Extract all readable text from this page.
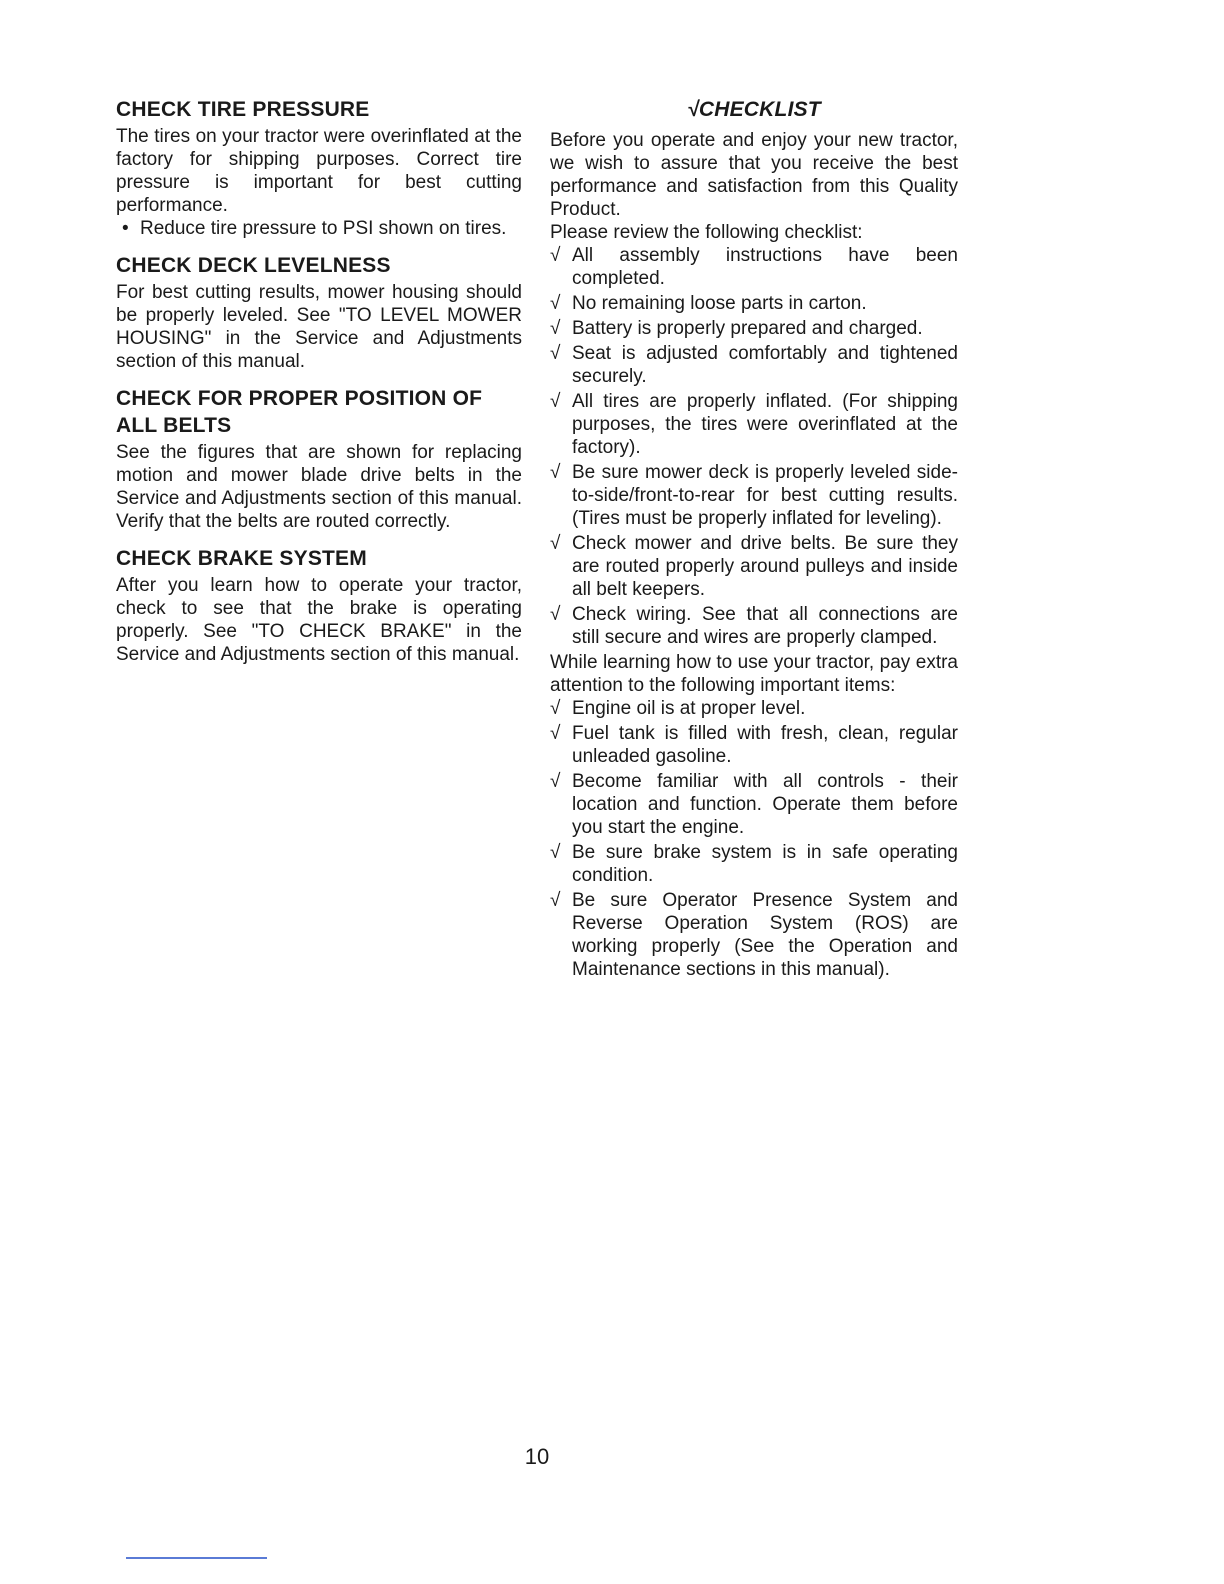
CHECK TIRE PRESSURE

The tires on your tractor were overinflated at the factory for shipping purposes. Correct tire pressure is important for best cutting performance.

• Reduce tire pressure to PSI shown on tires.
CHECK DECK LEVELNESS

For best cutting results, mower housing should be properly leveled. See "TO LEVEL MOWER HOUSING" in the Service and Adjustments section of this manual.

CHECK FOR PROPER POSITION OF ALL BELTS

See the figures that are shown for replacing motion and mower blade drive belts in the Service and Adjustments section of this manual. Verify that the belts are routed correctly.

CHECK BRAKE SYSTEM

After you learn how to operate your tractor, check to see that the brake is operating properly. See "TO CHECK BRAKE" in the Service and Adjustments section of this manual.

√CHECKLIST

Before you operate and enjoy your new tractor, we wish to assure that you receive the best performance and satisfaction from this Quality Product.

Please review the following checklist:

√ All assembly instructions have been completed.
√ No remaining loose parts in carton.
√ Battery is properly prepared and charged.
√ Seat is adjusted comfortably and tightened securely.
√ All tires are properly inflated. (For shipping purposes, the tires were overinflated at the factory).
√ Be sure mower deck is properly leveled side-to-side/front-to-rear for best cutting results. (Tires must be properly inflated for leveling).
√ Check mower and drive belts. Be sure they are routed properly around pulleys and inside all belt keepers.
√ Check wiring. See that all connections are still secure and wires are properly clamped.

While learning how to use your tractor, pay extra attention to the following important items:

√ Engine oil is at proper level.
√ Fuel tank is filled with fresh, clean, regular unleaded gasoline.
√ Become familiar with all controls - their location and function. Operate them before you start the engine.
√ Be sure brake system is in safe operating condition.
√ Be sure Operator Presence System and Reverse Operation System (ROS) are working properly (See the Operation and Maintenance sections in this manual).
10
